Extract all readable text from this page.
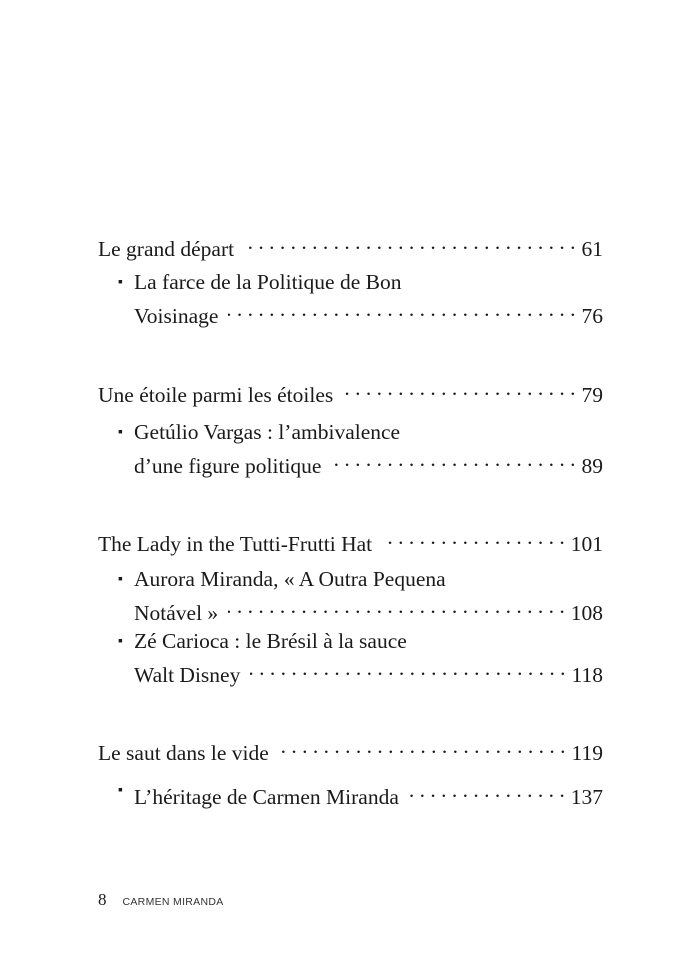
Le grand départ . . .	61
▪ La farce de la Politique de Bon
Voisinage . . .	76
Une étoile parmi les étoiles . . .	79
▪ Getúlio Vargas : l’ambivalence
d’une figure politique . . .	89
The Lady in the Tutti-Frutti Hat . . .	101
▪ Aurora Miranda, « A Outra Pequena
Notável » . . .	108
▪ Zé Carioca : le Brésil à la sauce
Walt Disney . . .	118
Le saut dans le vide . . .	119
▪ L’héritage de Carmen Miranda . . .	137
8 CARMEN MIRANDA
